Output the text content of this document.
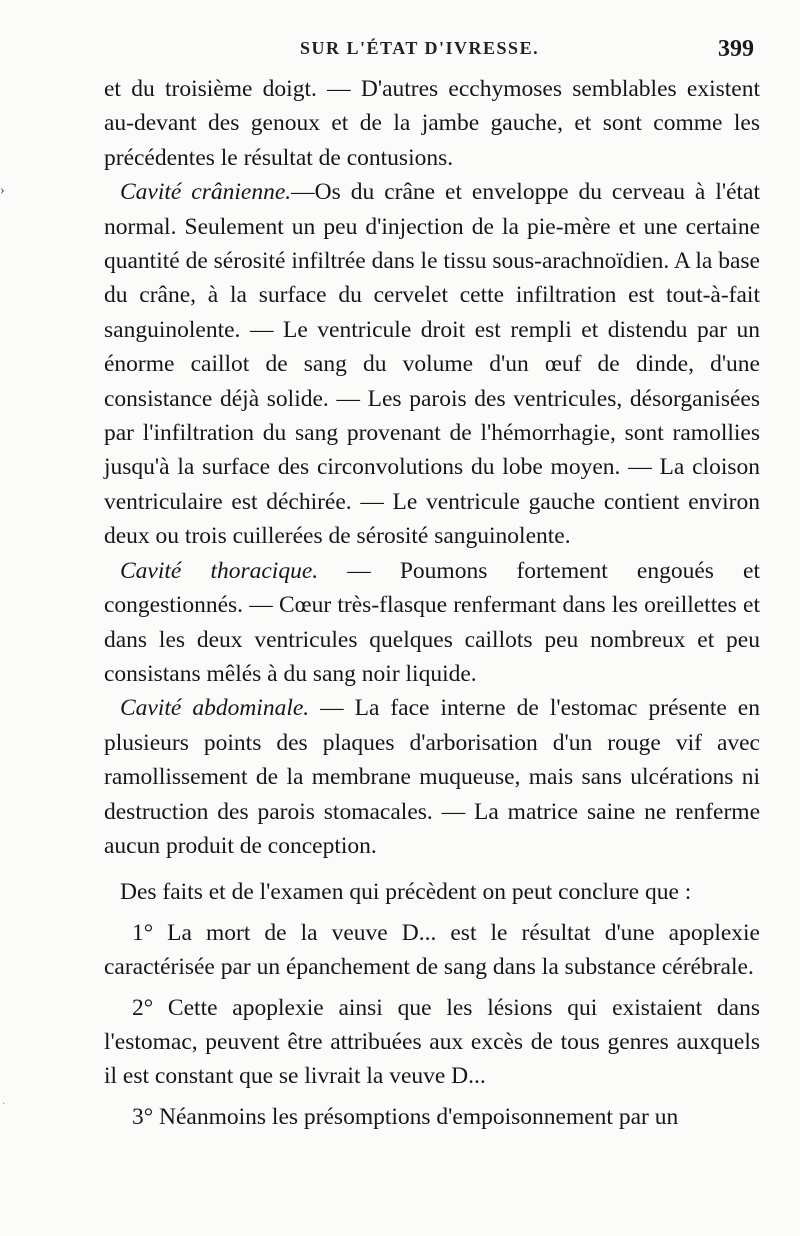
›
·
SUR L'ÉTAT D'IVRESSE.	399

et du troisième doigt. — D'autres ecchymoses semblables existent au-devant des genoux et de la jambe gauche, et sont comme les précédentes le résultat de contusions.

Cavité crânienne.—Os du crâne et enveloppe du cerveau à l'état normal. Seulement un peu d'injection de la pie-mère et une certaine quantité de sérosité infiltrée dans le tissu sous-arachnoïdien. A la base du crâne, à la surface du cervelet cette infiltration est tout-à-fait sanguinolente. — Le ventricule droit est rempli et distendu par un énorme caillot de sang du volume d'un œuf de dinde, d'une consistance déjà solide. — Les parois des ventricules, désorganisées par l'infiltration du sang provenant de l'hémorrhagie, sont ramollies jusqu'à la surface des circonvolutions du lobe moyen. — La cloison ventriculaire est déchirée. — Le ventricule gauche contient environ deux ou trois cuillerées de sérosité sanguinolente.

Cavité thoracique. — Poumons fortement engoués et congestionnés. — Cœur très-flasque renfermant dans les oreillettes et dans les deux ventricules quelques caillots peu nombreux et peu consistans mêlés à du sang noir liquide.

Cavité abdominale. — La face interne de l'estomac présente en plusieurs points des plaques d'arborisation d'un rouge vif avec ramollissement de la membrane muqueuse, mais sans ulcérations ni destruction des parois stomacales. — La matrice saine ne renferme aucun produit de conception.

Des faits et de l'examen qui précèdent on peut conclure que :

1° La mort de la veuve D... est le résultat d'une apoplexie caractérisée par un épanchement de sang dans la substance cérébrale.

2° Cette apoplexie ainsi que les lésions qui existaient dans l'estomac, peuvent être attribuées aux excès de tous genres auxquels il est constant que se livrait la veuve D...

3° Néanmoins les présomptions d'empoisonnement par un
